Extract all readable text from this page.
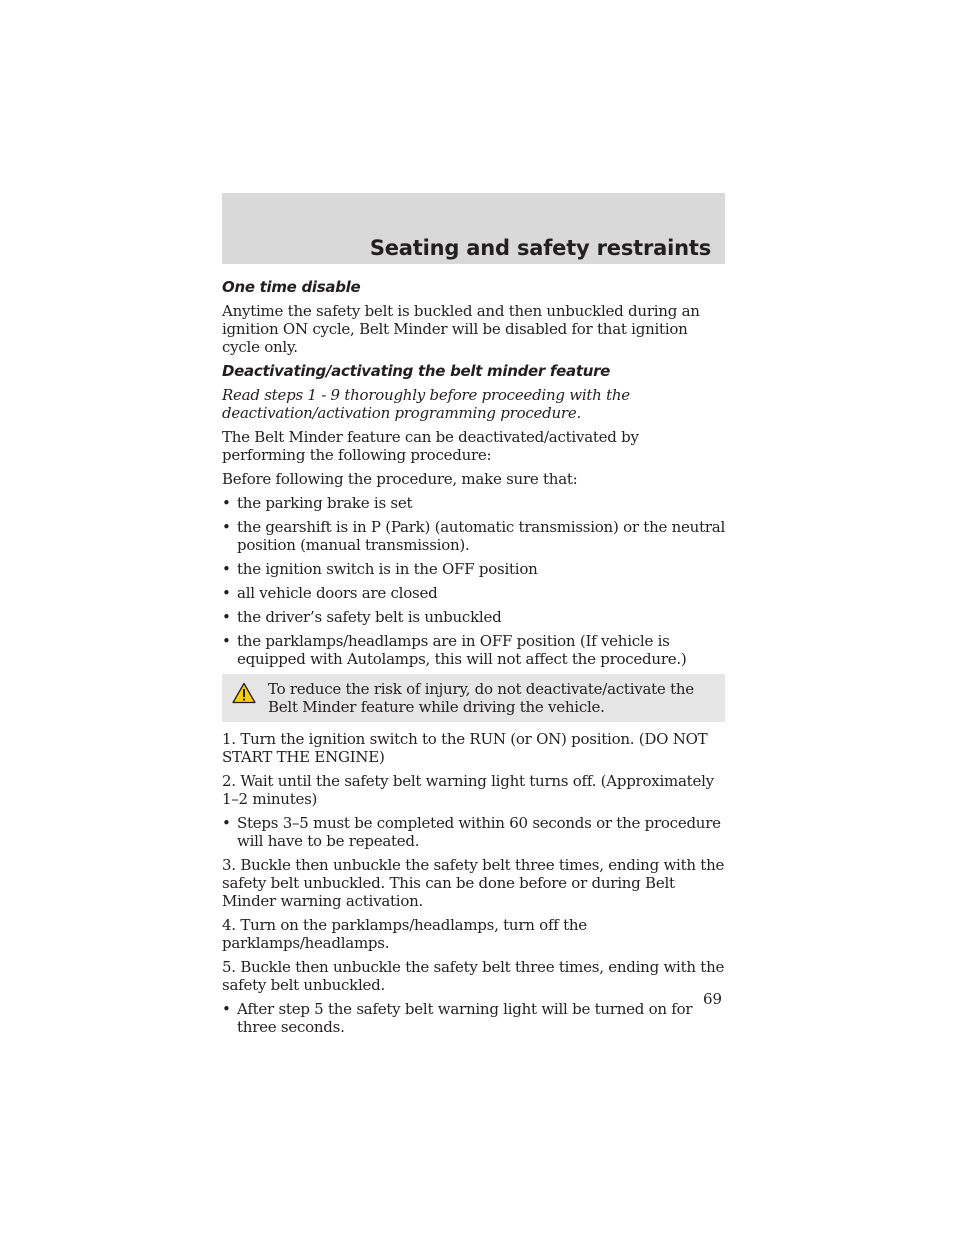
Seating and safety restraints
One time disable
Anytime the safety belt is buckled and then unbuckled during an ignition ON cycle, Belt Minder will be disabled for that ignition cycle only.
Deactivating/activating the belt minder feature
Read steps 1 - 9 thoroughly before proceeding with the deactivation/activation programming procedure.
The Belt Minder feature can be deactivated/activated by performing the following procedure:
Before following the procedure, make sure that:
• the parking brake is set
• the gearshift is in P (Park) (automatic transmission) or the neutral position (manual transmission).
• the ignition switch is in the OFF position
• all vehicle doors are closed
• the driver’s safety belt is unbuckled
• the parklamps/headlamps are in OFF position (If vehicle is equipped with Autolamps, this will not affect the procedure.)
To reduce the risk of injury, do not deactivate/activate the Belt Minder feature while driving the vehicle.
1. Turn the ignition switch to the RUN (or ON) position. (DO NOT START THE ENGINE)
2. Wait until the safety belt warning light turns off. (Approximately 1–2 minutes)
• Steps 3–5 must be completed within 60 seconds or the procedure will have to be repeated.
3. Buckle then unbuckle the safety belt three times, ending with the safety belt unbuckled. This can be done before or during Belt Minder warning activation.
4. Turn on the parklamps/headlamps, turn off the parklamps/headlamps.
5. Buckle then unbuckle the safety belt three times, ending with the safety belt unbuckled.
• After step 5 the safety belt warning light will be turned on for three seconds.
69
